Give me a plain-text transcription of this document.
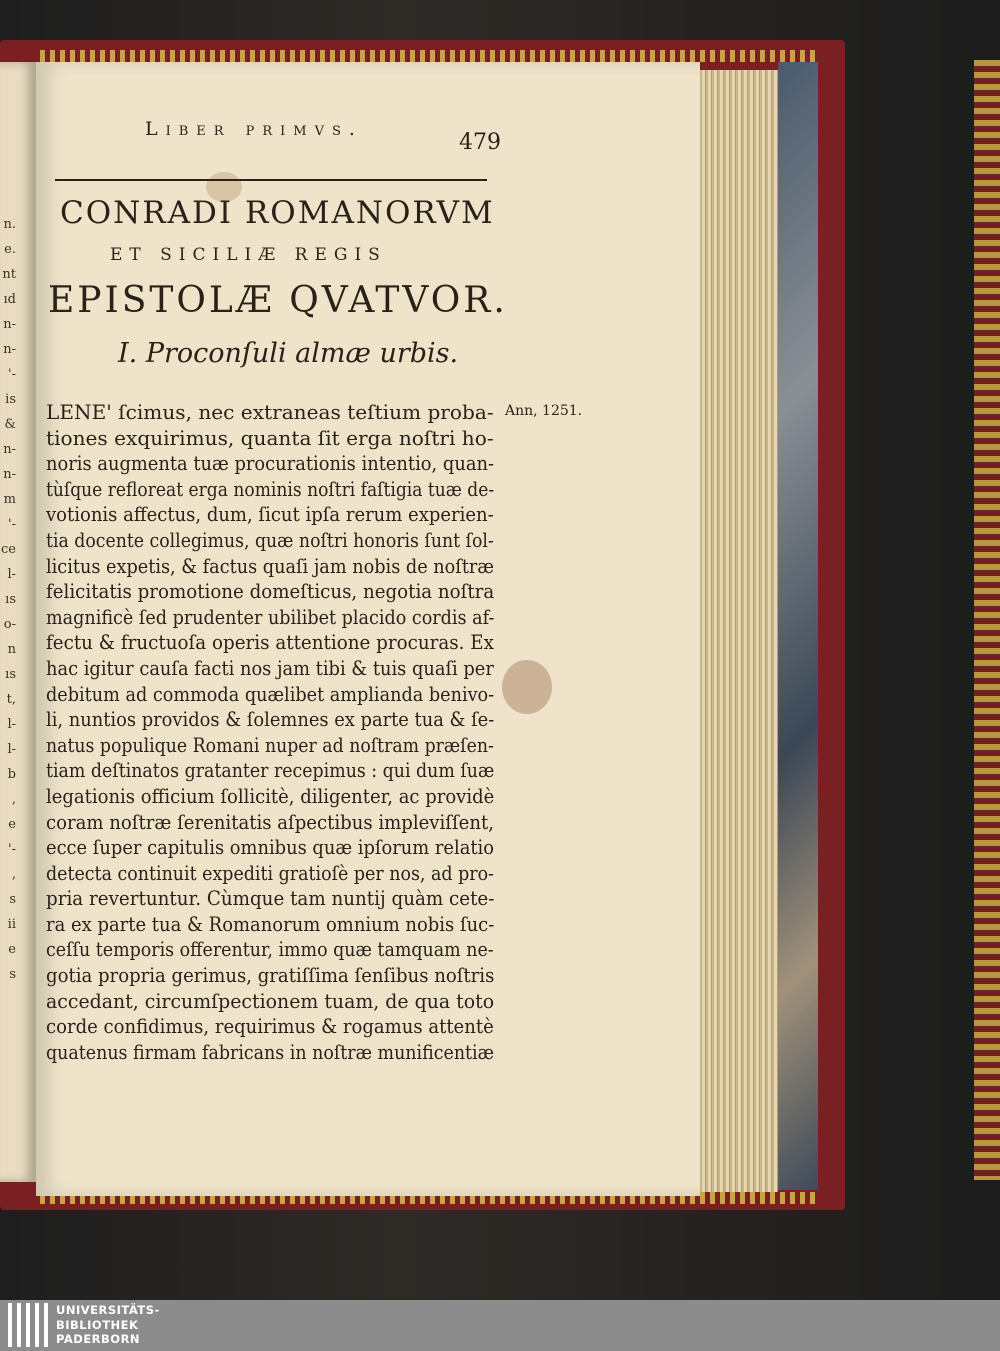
n.
e.
nt
ıd
n-
n-
'-
is
&
n-
n-
m
'-
ce
l-
ıs
o-
n
ıs
t,
l-
l-
b
,
e
'-
,
s
ii
e
s
Liber primvs.
479
CONRADI ROMANORVM
ET SICILIÆ REGIS
EPISTOLÆ QVATVOR.
I. Proconſuli almæ urbis.
Ann, 1251.
LENE' ſcimus, nec extraneas teſtium proba-
tiones exquirimus, quanta ſit erga noſtri ho-
noris augmenta tuæ procurationis intentio, quan-
tùſque refloreat erga nominis noſtri faſtigia tuæ de-
votionis affectus, dum, ſicut ipſa rerum experien-
tia docente collegimus, quæ noſtri honoris ſunt ſol-
licitus expetis, & factus quaſi jam nobis de noſtræ
felicitatis promotione domeſticus, negotia noſtra
magnificè ſed prudenter ubilibet placido cordis af-
fectu & fructuoſa operis attentione procuras. Ex
hac igitur cauſa facti nos jam tibi & tuis quaſi per
debitum ad commoda quælibet amplianda benivo-
li, nuntios providos & ſolemnes ex parte tua & ſe-
natus populique Romani nuper ad noſtram præſen-
tiam deſtinatos gratanter recepimus : qui dum ſuæ
legationis officium ſollicitè, diligenter, ac providè
coram noſtræ ſerenitatis aſpectibus impleviſſent,
ecce ſuper capitulis omnibus quæ ipſorum relatio
detecta continuit expediti gratioſè per nos, ad pro-
pria revertuntur. Cùmque tam nuntij quàm cete-
ra ex parte tua & Romanorum omnium nobis ſuc-
ceſſu temporis offerentur, immo quæ tamquam ne-
gotia propria gerimus, gratiſſima ſenſibus noſtris
accedant, circumſpectionem tuam, de qua toto
corde confidimus, requirimus & rogamus attentè
quatenus firmam fabricans in noſtræ munificentiæ
UNIVERSITÄTS-
BIBLIOTHEK
PADERBORN
